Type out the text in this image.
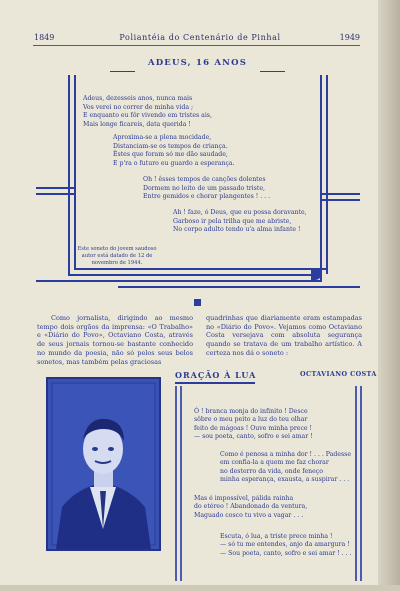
1849	Poliantéia do Centenário de Pinhal	1949
ADEUS, 16 ANOS
Adeus, dezesseis anos, nunca mais
Vos verei no correr de minha vida ;
E enquanto eu fôr vivendo em tristes ais,
Mais longe ficareis, data querida !
Aproxima-se a plena mocidade,
Distanciam-se os tempos de criança.
Êstes que foram só me dão saudade,
E p'ra o futuro eu guardo a esperança.
Oh ! êsses tempos de canções dolentes
Dormem no leito de um passado triste,
Entre gemidos e chorar plangentes ! . . .
Ah ! faze, ó Deus, que eu possa doravante,
Garboso ir pela trilha que me abriste,
No corpo adulto tendo u'a alma infante !
Este soneto do jovem saudoso
autor está datado de 12 de
novembro de 1944.
Como jornalista, dirigindo ao mesmo tempo dois orgãos da imprensa: «O Trabalho» e «Diário do Povo», Octaviano Costa, através de seus jornais tornou-se bastante conhecido no mundo da poesia, não só pelos seus belos sonetos, mas também pelas graciosas
quadrinhas que diariamente eram estampadas no «Diário do Povo». Vejamos como Octaviano Costa versejava com absoluta segurança quando se tratava de um trabalho artístico. A certeza nos dá o soneto :
ORAÇÃO À LUA	OCTAVIANO COSTA
Ó ! branca monja do infinito ! Desce
sôbre o meu peito a luz do teu olhar
feito de mágoas ! Ouve minha prece !
— sou poeta, canto, sofro e sei amar !
Como é penosa a minha dor ! . . . Padesse
em confia-la a quem me faz chorar
no desterro da vida, onde feneço
minha esperança, exausta, a suspirar . . .
Mas é impossível, pálida rainha
do etéreo ! Abandonado da ventura,
Maguado cosco tu vivo a vagar . . .
Escuta, ó lua, a triste prece minha !
— só tu me entendes, anjo da amargura !
— Sou poeta, canto, sofro e sei amar ! . . .
